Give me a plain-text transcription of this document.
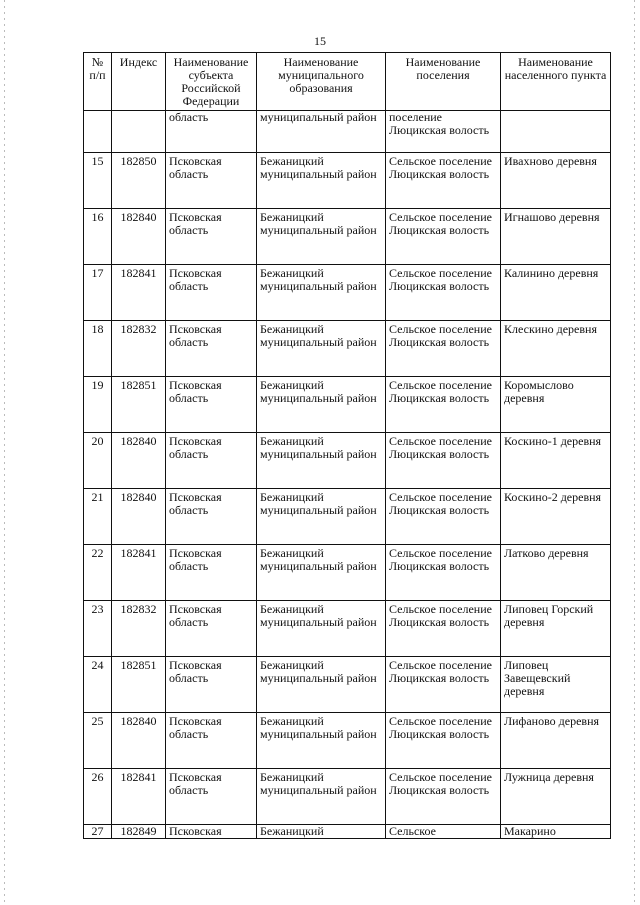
15
№ п/п	Индекс	Наименование субъекта Российской Федерации	Наименование муниципального образования	Наименование поселения	Наименование населенного пункта
		область	муниципальный район	поселение Люцикская волость	
15	182850	Псковская область	Бежаницкий муниципальный район	Сельское поселение Люцикская волость	Ивахново деревня
16	182840	Псковская область	Бежаницкий муниципальный район	Сельское поселение Люцикская волость	Игнашово деревня
17	182841	Псковская область	Бежаницкий муниципальный район	Сельское поселение Люцикская волость	Калинино деревня
18	182832	Псковская область	Бежаницкий муниципальный район	Сельское поселение Люцикская волость	Клескино деревня
19	182851	Псковская область	Бежаницкий муниципальный район	Сельское поселение Люцикская волость	Коромыслово деревня
20	182840	Псковская область	Бежаницкий муниципальный район	Сельское поселение Люцикская волость	Коскино-1 деревня
21	182840	Псковская область	Бежаницкий муниципальный район	Сельское поселение Люцикская волость	Коскино-2 деревня
22	182841	Псковская область	Бежаницкий муниципальный район	Сельское поселение Люцикская волость	Латково деревня
23	182832	Псковская область	Бежаницкий муниципальный район	Сельское поселение Люцикская волость	Липовец Горский деревня
24	182851	Псковская область	Бежаницкий муниципальный район	Сельское поселение Люцикская волость	Липовец Завещевский деревня
25	182840	Псковская область	Бежаницкий муниципальный район	Сельское поселение Люцикская волость	Лифаново деревня
26	182841	Псковская область	Бежаницкий муниципальный район	Сельское поселение Люцикская волость	Лужница деревня
27	182849	Псковская	Бежаницкий	Сельское	Макарино
